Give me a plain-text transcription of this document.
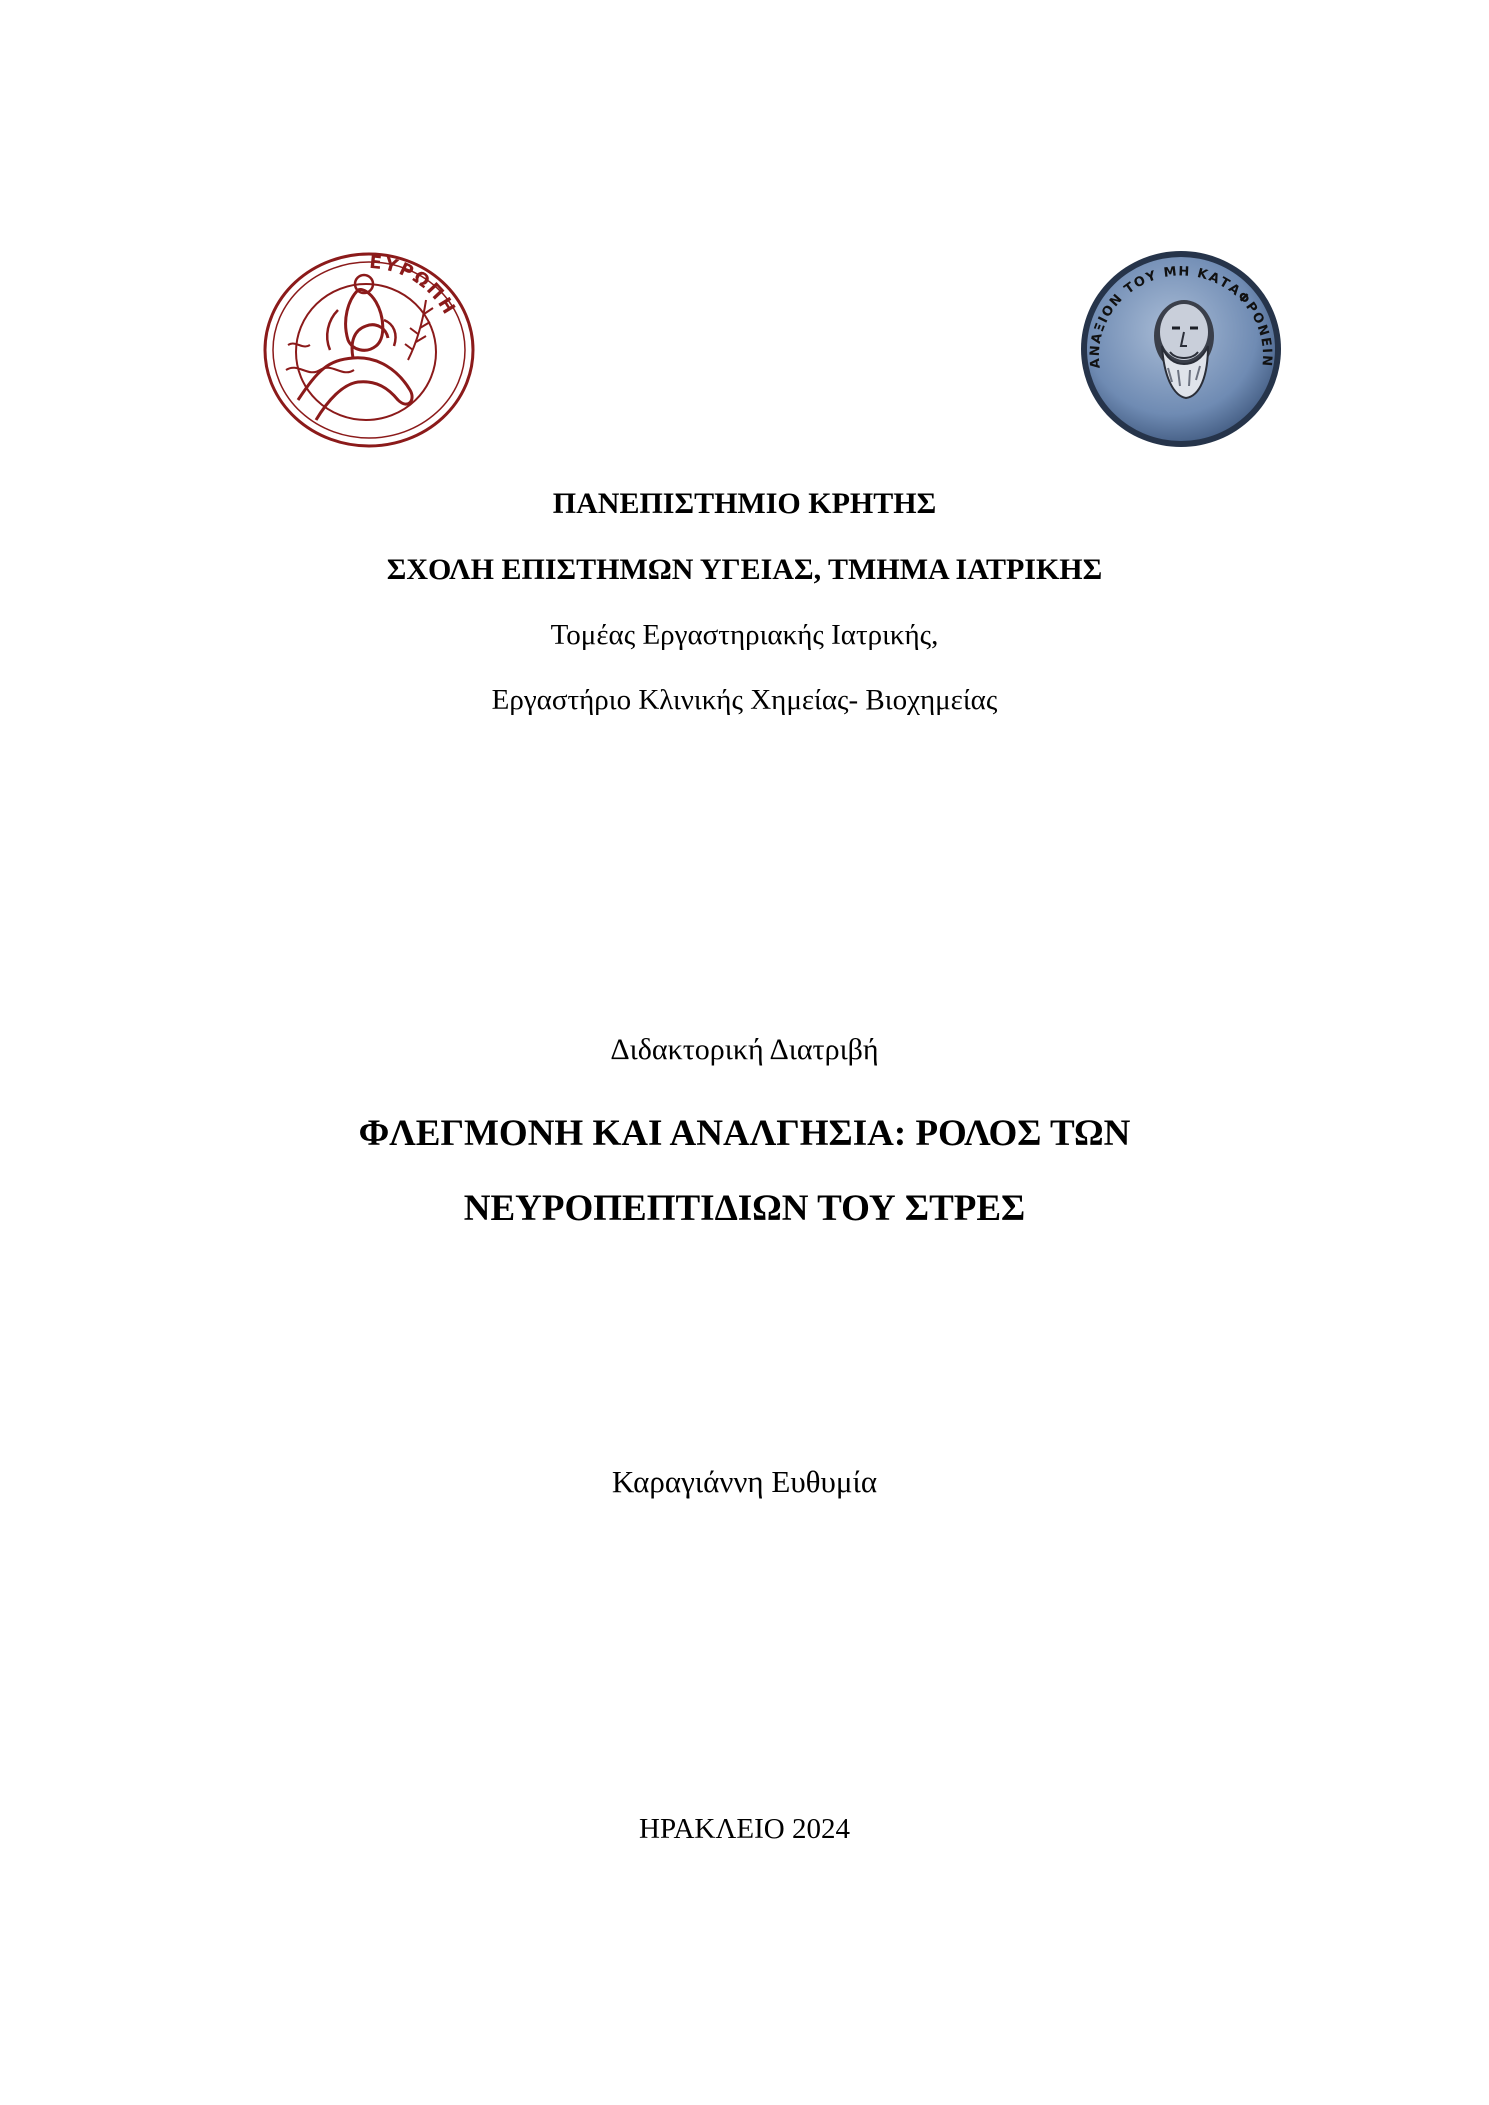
ΕΥΡΩΠΗ
ΑΝΑΞΙΟΝ ΤΟΥ ΜΗ ΚΑΤΑΦΡΟΝΕΙΝ
ΠΑΝΕΠΙΣΤΗΜΙΟ ΚΡΗΤΗΣ
ΣΧΟΛΗ ΕΠΙΣΤΗΜΩΝ ΥΓΕΙΑΣ, ΤΜΗΜΑ ΙΑΤΡΙΚΗΣ
Τομέας Εργαστηριακής Ιατρικής,
Εργαστήριο Κλινικής Χημείας- Βιοχημείας
Διδακτορική Διατριβή
ΦΛΕΓΜΟΝΗ ΚΑΙ ΑΝΑΛΓΗΣΙΑ: ΡΟΛΟΣ ΤΩΝ
ΝΕΥΡΟΠΕΠΤΙΔΙΩΝ ΤΟΥ ΣΤΡΕΣ
Καραγιάννη Ευθυμία
ΗΡΑΚΛΕΙΟ 2024
